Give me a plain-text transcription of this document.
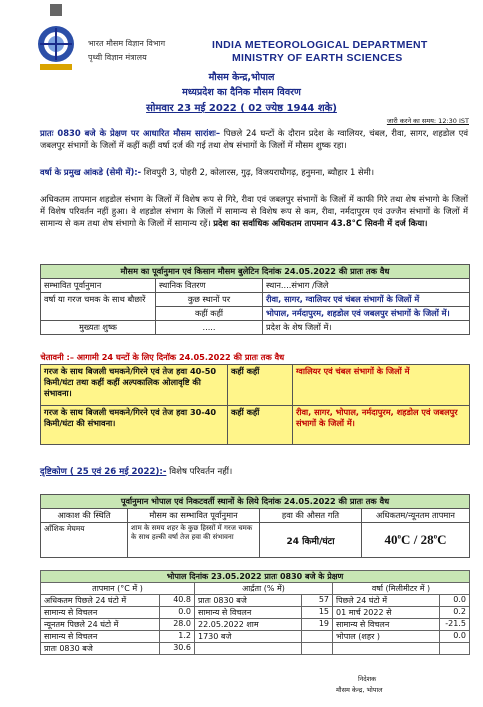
भारत मौसम विज्ञान विभाग
पृथ्वी विज्ञान मंत्रालय
INDIA METEOROLOGICAL DEPARTMENT
MINISTRY OF EARTH SCIENCES
मौसम केन्द्र,भोपाल
मध्यप्रदेश का दैनिक मौसम विवरण
सोमवार 23 मई 2022 ( 02 ज्येष्ठ 1944 शके)
जारी करने का समय: 12:30 IST
प्रातः 0830 बजे के प्रेक्षण पर आधारित मौसम सारांशः– पिछले 24 घन्टों के दौरान प्रदेश के ग्वालियर, चंबल, रीवा, सागर, शहडोल एवं जबलपुर संभागों के जिलों में कहीं कहीं वर्षा दर्ज की गई तथा शेष संभागों के जिलों में मौसम शुष्क रहा।
वर्षा के प्रमुख आंकडे (सेमी में):- शिवपुरी 3, पोहरी 2, कोलारस, गुढ़, विजयराघौगढ़, हनुमना, ब्यौहार 1 सेमी।
अधिकतम तापमान शहडोल संभाग के जिलों में विशेष रूप से गिरे, रीवा एवं जबलपुर संभागों के जिलों में काफी गिरे तथा शेष संभागो के जिलों में विशेष परिवर्तन नहीं हुआ। वे शहडोल संभाग के जिलों में सामान्य से विशेष रूप से कम, रीवा, नर्मदापुरम एवं उज्जैन संभागों के जिलों में सामान्य से कम तथा शेष संभागो के जिलों में सामान्य रहें। प्रदेश का सर्वाधिक अधिकतम तापमान 43.8°C सिवनी में दर्ज किया।
मौसम का पूर्वानुमान एवं किसान मौसम बुलेटिन दिनांक 24.05.2022 की प्रातः तक वैध		
सम्भावित पूर्वानुमान	स्थानिक वितरण	स्थान....संभाग /जिले
वर्षा या गरज चमक के साथ बौछारें	कुछ स्थानों पर	रीवा, सागर, ग्वालियर एवं चंबल संभागों के जिलों में
	कहीं कहीं	भोपाल, नर्मदापुरम, शहडोल एवं जबलपुर संभागों के जिलों में।
मुख्यतः शुष्क	.....	प्रदेश के शेष जिलों में।
चेतावनी :– आगामी 24 घन्टों के लिए दिनॉक 24.05.2022 की प्रातः तक वैध		
गरज के साथ बिजली चमकने/गिरने एवं तेज हवा 40-50 किमी/घंटा तथा कहीं कहीं अल्पकालिक ओलावृष्टि की संभावना।	कहीं कहीं	ग्वालियर एवं चंबल संभागों के जिलों में
गरज के साथ बिजली चमकने/गिरने एवं तेज हवा 30-40 किमी/घंटा की संभावना।	कहीं कहीं	रीवा, सागर, भोपाल, नर्मदापुरम, शहडोल एवं जबलपुर संभागों के जिलों में।
दृष्टिकोण ( 25 एवं 26 मई 2022):- विशेष परिवर्तन नहीं।
पूर्वानुमान भोपाल एवं निकटवर्ती स्थानों के लिये दिनांक 24.05.2022 की प्रातः तक वैध			
आकाश की स्थिति	मौसम का सम्भावित पूर्वानुमान	हवा की औसत गति	अधिकतम/न्यूनतम तापमान
आँशिक मेघमय	शाम के समय शहर के कुछ हिस्सों में गरज चमक के साथ हल्की वर्षा तेज हवा की संभावना	24 किमी/घंटा	40$^o$C / 28$^o$C
भोपाल दिनांक 23.05.2022 प्रातः 0830 बजे के प्रेक्षण					
तापमान (°C में )		आर्द्रता (% में)		वर्षा (मिलीमीटर में )	
अधिकतम पिछले 24 घंटो में	40.8	प्रातः 0830 बजे	57	पिछले 24 घंटो में	0.0
सामान्य से विचलन	0.0	सामान्य से विचलन	15	01 मार्च 2022 से	0.2
न्यूनतम पिछले 24 घंटो में	28.0	22.05.2022 शाम	19	सामान्य से विचलन	-21.5
सामान्य से विचलन	1.2	1730 बजे		भोपाल (शहर )	0.0
प्रातः 0830 बजे	30.6				
निदेशक
मौसम केन्द्र, भोपाल
